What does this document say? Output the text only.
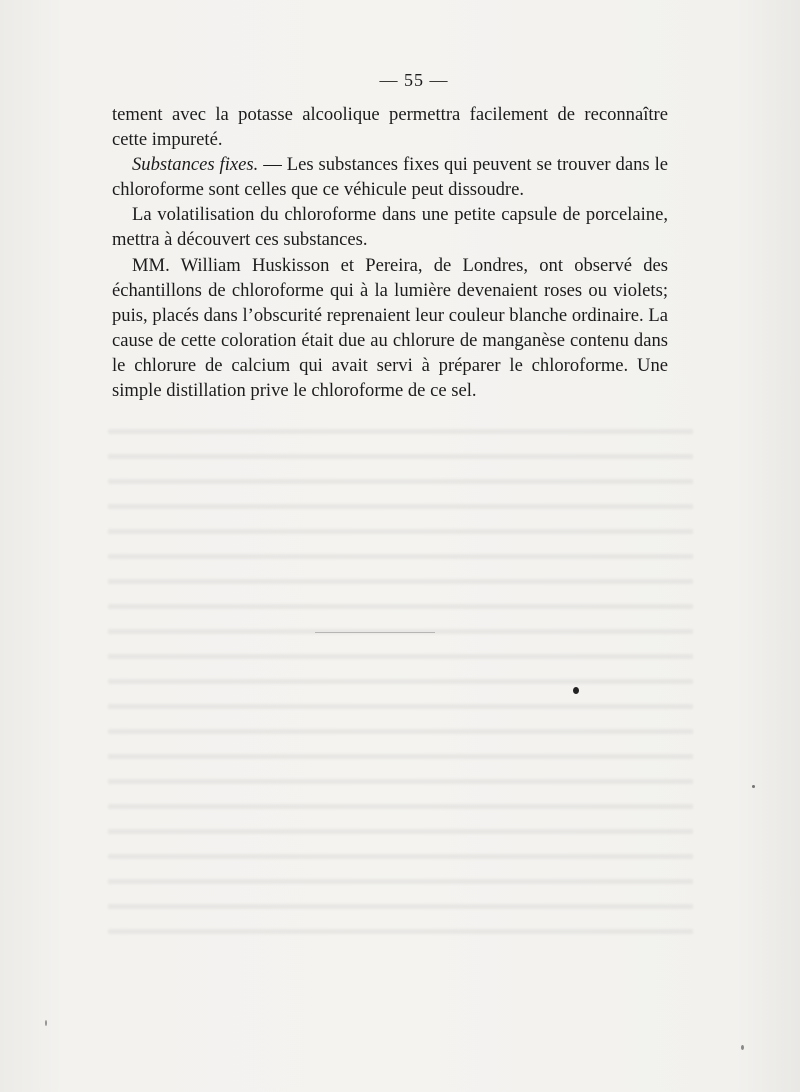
— 55 —

tement avec la potasse alcoolique permettra facilement de reconnaître cette impureté.

Substances fixes. — Les substances fixes qui peuvent se trouver dans le chloroforme sont celles que ce véhicule peut dissoudre.

La volatilisation du chloroforme dans une petite capsule de porcelaine, mettra à découvert ces substances.

MM. William Huskisson et Pereira, de Londres, ont observé des échantillons de chloroforme qui à la lumière devenaient roses ou violets; puis, placés dans l’obscurité reprenaient leur couleur blanche ordinaire. La cause de cette coloration était due au chlorure de manganèse contenu dans le chlorure de calcium qui avait servi à préparer le chloroforme. Une simple distillation prive le chloroforme de ce sel.
